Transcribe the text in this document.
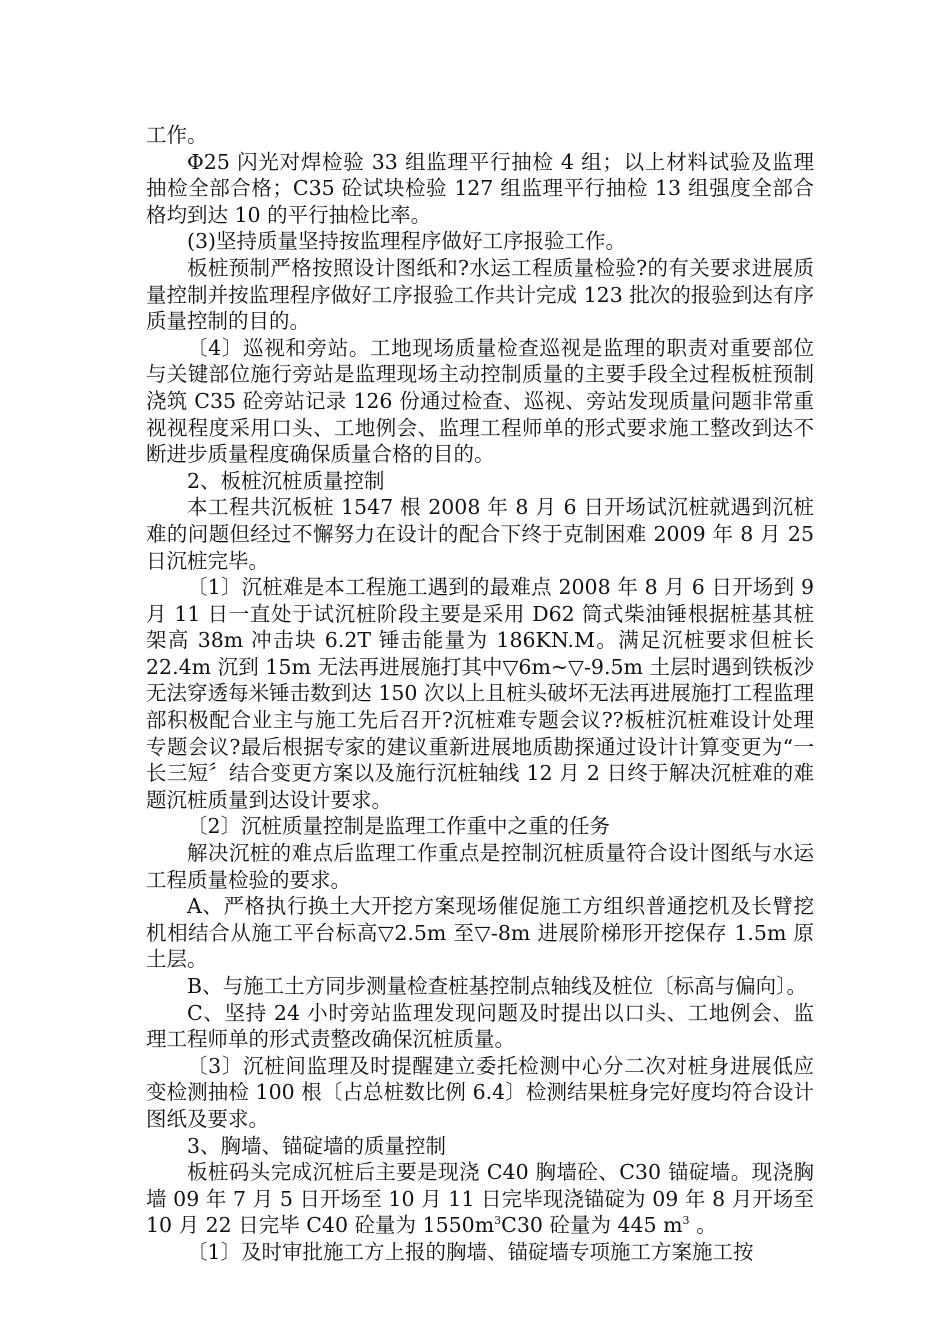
工作。

Φ25 闪光对焊检验 33 组监理平行抽检 4 组；以上材料试验及监理抽检全部合格；C35 砼试块检验 127 组监理平行抽检 13 组强度全部合格均到达 10 的平行抽检比率。

(3)坚持质量坚持按监理程序做好工序报验工作。

板桩预制严格按照设计图纸和?水运工程质量检验?的有关要求进展质量控制并按监理程序做好工序报验工作共计完成 123 批次的报验到达有序质量控制的目的。

〔4〕巡视和旁站。工地现场质量检查巡视是监理的职责对重要部位与关键部位施行旁站是监理现场主动控制质量的主要手段全过程板桩预制浇筑 C35 砼旁站记录 126 份通过检查、巡视、旁站发现质量问题非常重视视程度采用口头、工地例会、监理工程师单的形式要求施工整改到达不断进步质量程度确保质量合格的目的。

2、板桩沉桩质量控制

本工程共沉板桩 1547 根 2008 年 8 月 6 日开场试沉桩就遇到沉桩难的问题但经过不懈努力在设计的配合下终于克制困难 2009 年 8 月 25 日沉桩完毕。

〔1〕沉桩难是本工程施工遇到的最难点 2008 年 8 月 6 日开场到 9 月 11 日一直处于试沉桩阶段主要是采用 D62 筒式柴油锤根据桩基其桩架高 38m 冲击块 6.2T 锤击能量为 186KN.M。满足沉桩要求但桩长 22.4m 沉到 15m 无法再进展施打其中▽6m~▽-9.5m 土层时遇到铁板沙无法穿透每米锤击数到达 150 次以上且桩头破坏无法再进展施打工程监理部积极配合业主与施工先后召开?沉桩难专题会议??板桩沉桩难设计处理专题会议?最后根据专家的建议重新进展地质勘探通过设计计算变更为“一长三短〞结合变更方案以及施行沉桩轴线 12 月 2 日终于解决沉桩难的难题沉桩质量到达设计要求。

〔2〕沉桩质量控制是监理工作重中之重的任务

解决沉桩的难点后监理工作重点是控制沉桩质量符合设计图纸与水运工程质量检验的要求。

A、严格执行换土大开挖方案现场催促施工方组织普通挖机及长臂挖机相结合从施工平台标高▽2.5m 至▽-8m 进展阶梯形开挖保存 1.5m 原土层。

B、与施工土方同步测量检查桩基控制点轴线及桩位〔标高与偏向〕。

C、坚持 24 小时旁站监理发现问题及时提出以口头、工地例会、监理工程师单的形式责整改确保沉桩质量。

〔3〕沉桩间监理及时提醒建立委托检测中心分二次对桩身进展低应变检测抽检 100 根〔占总桩数比例 6.4〕检测结果桩身完好度均符合设计图纸及要求。

3、胸墙、锚碇墙的质量控制

板桩码头完成沉桩后主要是现浇 C40 胸墙砼、C30 锚碇墙。现浇胸墙 09 年 7 月 5 日开场至 10 月 11 日完毕现浇锚碇为 09 年 8 月开场至 10 月 22 日完毕 C40 砼量为 $1550m^3C30$ 砼量为 445 $m^3$ 。

〔1〕及时审批施工方上报的胸墙、锚碇墙专项施工方案施工按
